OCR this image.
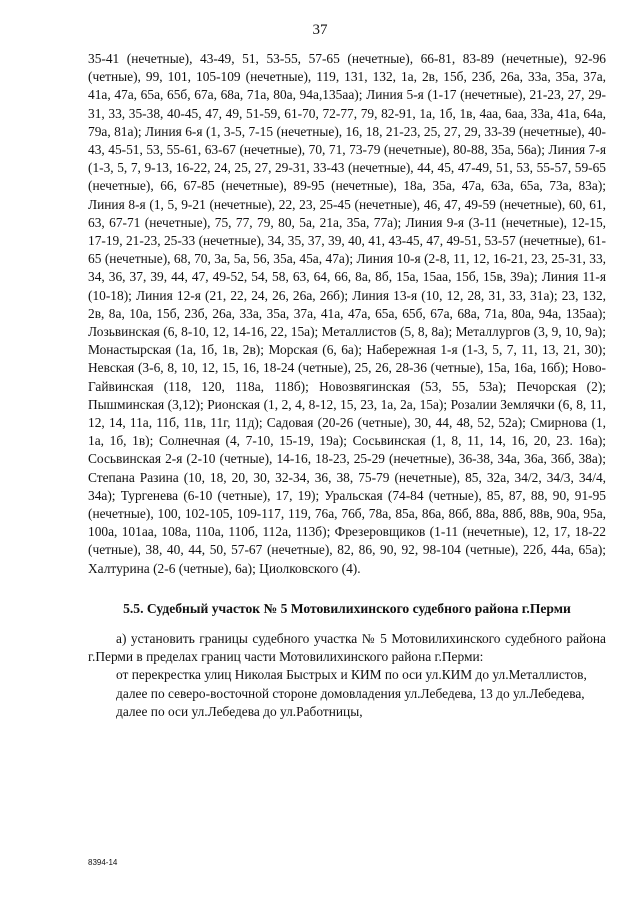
37

35-41 (нечетные), 43-49, 51, 53-55, 57-65 (нечетные), 66-81, 83-89 (нечетные), 92-96 (четные), 99, 101, 105-109 (нечетные), 119, 131, 132, 1а, 2в, 15б, 23б, 26а, 33а, 35а, 37а, 41а, 47а, 65а, 65б, 67а, 68а, 71а, 80а, 94а,135аа); Линия 5-я (1-17 (нечетные), 21-23, 27, 29-31, 33, 35-38, 40-45, 47, 49, 51-59, 61-70, 72-77, 79, 82-91, 1а, 1б, 1в, 4аа, 6аа, 33а, 41а, 64а, 79а, 81а); Линия 6-я (1, 3-5, 7-15 (нечетные), 16, 18, 21-23, 25, 27, 29, 33-39 (нечетные), 40-43, 45-51, 53, 55-61, 63-67 (нечетные), 70, 71, 73-79 (нечетные), 80-88, 35а, 56а); Линия 7-я (1-3, 5, 7, 9-13, 16-22, 24, 25, 27, 29-31, 33-43 (нечетные), 44, 45, 47-49, 51, 53, 55-57, 59-65 (нечетные), 66, 67-85 (нечетные), 89-95 (нечетные), 18а, 35а, 47а, 63а, 65а, 73а, 83а); Линия 8-я (1, 5, 9-21 (нечетные), 22, 23, 25-45 (нечетные), 46, 47, 49-59 (нечетные), 60, 61, 63, 67-71 (нечетные), 75, 77, 79, 80, 5а, 21а, 35а, 77а); Линия 9-я (3-11 (нечетные), 12-15, 17-19, 21-23, 25-33 (нечетные), 34, 35, 37, 39, 40, 41, 43-45, 47, 49-51, 53-57 (нечетные), 61-65 (нечетные), 68, 70, 3а, 5а, 56, 35а, 45а, 47а); Линия 10-я (2-8, 11, 12, 16-21, 23, 25-31, 33, 34, 36, 37, 39, 44, 47, 49-52, 54, 58, 63, 64, 66, 8а, 8б, 15а, 15аа, 15б, 15в, 39а); Линия 11-я (10-18); Линия 12-я (21, 22, 24, 26, 26а, 26б); Линия 13-я (10, 12, 28, 31, 33, 31а); 23, 132, 2в, 8а, 10а, 15б, 23б, 26а, 33а, 35а, 37а, 41а, 47а, 65а, 65б, 67а, 68а, 71а, 80а, 94а, 135аа); Лозьвинская (6, 8-10, 12, 14-16, 22, 15а); Металлистов (5, 8, 8а); Металлургов (3, 9, 10, 9а); Монастырская (1а, 1б, 1в, 2в); Морская (6, 6а); Набережная 1-я (1-3, 5, 7, 11, 13, 21, 30); Невская (3-6, 8, 10, 12, 15, 16, 18-24 (четные), 25, 26, 28-36 (четные), 15а, 16а, 16б); Ново-Гайвинская (118, 120, 118а, 118б); Новозвягинская (53, 55, 53а); Печорская (2); Пышминская (3,12); Рионская (1, 2, 4, 8-12, 15, 23, 1а, 2а, 15а); Розалии Землячки (6, 8, 11, 12, 14, 11а, 11б, 11в, 11г, 11д); Садовая (20-26 (четные), 30, 44, 48, 52, 52а); Смирнова (1, 1а, 1б, 1в); Солнечная (4, 7-10, 15-19, 19а); Сосьвинская (1, 8, 11, 14, 16, 20, 23. 16а); Сосьвинская 2-я (2-10 (четные), 14-16, 18-23, 25-29 (нечетные), 36-38, 34а, 36а, 36б, 38а); Степана Разина (10, 18, 20, 30, 32-34, 36, 38, 75-79 (нечетные), 85, 32а, 34/2, 34/3, 34/4, 34а); Тургенева (6-10 (четные), 17, 19); Уральская (74-84 (четные), 85, 87, 88, 90, 91-95 (нечетные), 100, 102-105, 109-117, 119, 76а, 76б, 78а, 85а, 86а, 86б, 88а, 88б, 88в, 90а, 95а, 100а, 101аа, 108а, 110а, 110б, 112а, 113б); Фрезеровщиков (1-11 (нечетные), 12, 17, 18-22 (четные), 38, 40, 44, 50, 57-67 (нечетные), 82, 86, 90, 92, 98-104 (четные), 22б, 44а, 65а); Халтурина (2-6 (четные), 6а); Циолковского (4).

5.5. Судебный участок № 5 Мотовилихинского судебного района г.Перми

а) установить границы судебного участка № 5 Мотовилихинского судебного района г.Перми в пределах границ части Мотовилихинского района г.Перми:

от перекрестка улиц Николая Быстрых и КИМ по оси ул.КИМ до ул.Металлистов,

далее по северо-восточной стороне домовладения ул.Лебедева, 13 до ул.Лебедева,

далее по оси ул.Лебедева до ул.Работницы,

8394-14
